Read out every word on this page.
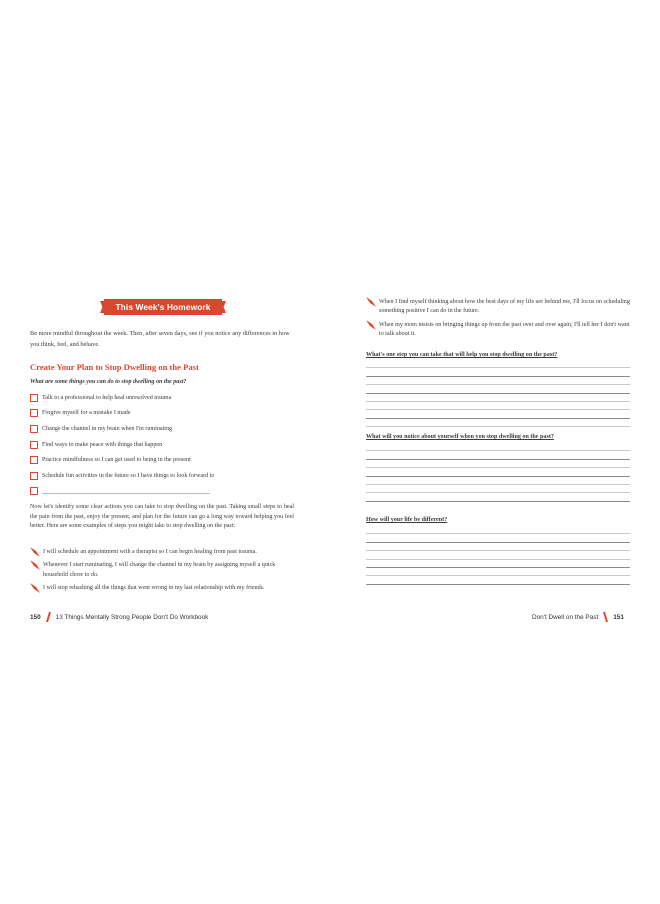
This Week's Homework

Be more mindful throughout the week. Then, after seven days, see if you notice any differences in how you think, feel, and behave.

Create Your Plan to Stop Dwelling on the Past

What are some things you can do to stop dwelling on the past?

Talk to a professional to help heal unresolved trauma
Forgive myself for a mistake I made
Change the channel in my brain when I'm ruminating
Find ways to make peace with things that happen
Practice mindfulness so I can get used to being in the present
Schedule fun activities in the future so I have things to look forward to

Now let's identify some clear actions you can take to stop dwelling on the past. Taking small steps to heal the pain from the past, enjoy the present, and plan for the future can go a long way toward helping you feel better. Here are some examples of steps you might take to stop dwelling on the past:

I will schedule an appointment with a therapist so I can begin healing from past trauma.
Whenever I start ruminating, I will change the channel in my brain by assigning myself a quick household chore to do.
I will stop rehashing all the things that went wrong in my last relationship with my friends.
150 13 Things Mentally Strong People Don't Do Workbook
When I find myself thinking about how the best days of my life are behind me, I'll focus on scheduling something positive I can do in the future.
When my mom insists on bringing things up from the past over and over again, I'll tell her I don't want to talk about it.

What's one step you can take that will help you stop dwelling on the past?

What will you notice about yourself when you stop dwelling on the past?

How will your life be different?

Don't Dwell on the Past 151
